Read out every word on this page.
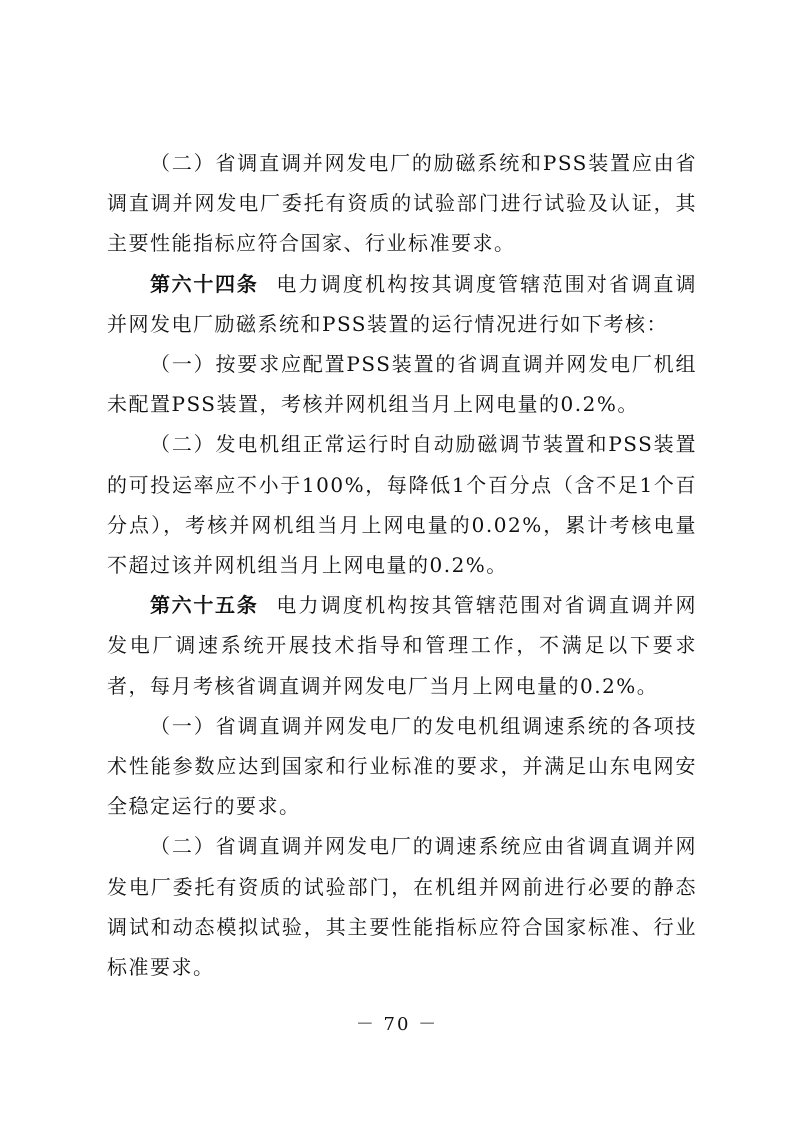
（二）省调直调并网发电厂的励磁系统和PSS装置应由省调直调并网发电厂委托有资质的试验部门进行试验及认证，其主要性能指标应符合国家、行业标准要求。

第六十四条 电力调度机构按其调度管辖范围对省调直调并网发电厂励磁系统和PSS装置的运行情况进行如下考核：

（一）按要求应配置PSS装置的省调直调并网发电厂机组未配置PSS装置，考核并网机组当月上网电量的0.2%。

（二）发电机组正常运行时自动励磁调节装置和PSS装置的可投运率应不小于100%，每降低1个百分点（含不足1个百分点），考核并网机组当月上网电量的0.02%，累计考核电量不超过该并网机组当月上网电量的0.2%。

第六十五条 电力调度机构按其管辖范围对省调直调并网发电厂调速系统开展技术指导和管理工作，不满足以下要求者，每月考核省调直调并网发电厂当月上网电量的0.2%。

（一）省调直调并网发电厂的发电机组调速系统的各项技术性能参数应达到国家和行业标准的要求，并满足山东电网安全稳定运行的要求。

（二）省调直调并网发电厂的调速系统应由省调直调并网发电厂委托有资质的试验部门，在机组并网前进行必要的静态调试和动态模拟试验，其主要性能指标应符合国家标准、行业标准要求。

－ 70 －
